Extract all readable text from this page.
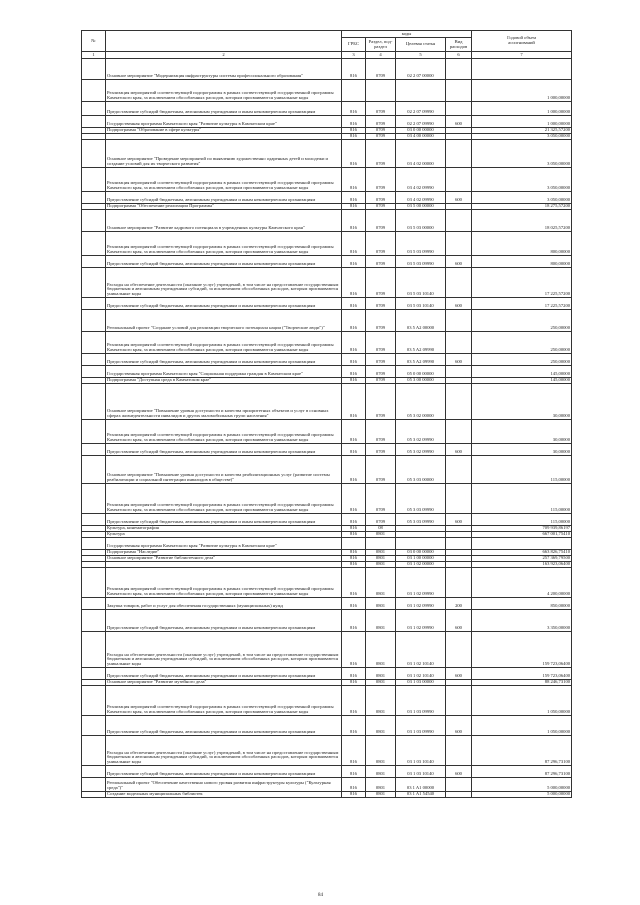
№		коды				Годовой объем
ассигнований
		ГРБС	Раздел, под-
раздел	Целевая статья	Вид
расходов	
1	2	3	4	5	6	7
	Основное мероприятие "Модернизация инфраструктуры системы профессионального образования"	816	0709	02 2 07 00000		
	Реализация мероприятий соответствующей подпрограммы в рамках соответствующей государственной программы Камчатского края, за исключением обособленных расходов, которым присваиваются уникальные коды					1 000,00000
	Предоставление субсидий бюджетным, автономным учреждениям и иным некоммерческим организациям	816	0709	02 2 07 09990		1 000,00000
	Государственная программа Камчатского края "Развитие культуры в Камчатском крае"	816	0709	02 2 07 09990	600	1 000,00000
	Подпрограмма "Образование в сфере культуры"	816	0709	03 0 00 00000		21 325,57200
		816	0709	03 4 00 00000		3 050,00000
	Основное мероприятие "Проведение мероприятий по выявлению художественно одаренных детей и молодежи и создание условий для их творческого развития"	816	0709	03 4 02 00000		3 050,00000
	Реализация мероприятий соответствующей подпрограммы в рамках соответствующей государственной программы Камчатского края, за исключением обособленных расходов, которым присваиваются уникальные коды	816	0709	03 4 02 09990		3 050,00000
	Предоставление субсидий бюджетным, автономным учреждениям и иным некоммерческим организациям	816	0709	03 4 02 09990	600	3 050,00000
	Подпрограмма "Обеспечение реализации Программы"	816	0709	03 5 00 00000		18 275,57200
	Основное мероприятие "Развитие кадрового потенциала в учреждениях культуры Камчатского края"	816	0709	03 5 03 00000		18 025,57200
	Реализация мероприятий соответствующей подпрограммы в рамках соответствующей государственной программы Камчатского края, за исключением обособленных расходов, которым присваиваются уникальные коды	816	0709	03 5 03 09990		800,00000
	Предоставление субсидий бюджетным, автономным учреждениям и иным некоммерческим организациям	816	0709	03 5 03 09990	600	800,00000
	Расходы на обеспечение деятельности (оказание услуг) учреждений, в том числе на предоставление государственным бюджетным и автономным учреждениям субсидий, за исключением обособленных расходов, которым присваиваются уникальные коды	816	0709	03 5 03 10140		17 225,57200
	Предоставление субсидий бюджетным, автономным учреждениям и иным некоммерческим организациям	816	0709	03 5 03 10140	600	17 225,57200
	Региональный проект "Создание условий для реализации творческого потенциала нации ("Творческие люди")"	816	0709	03 5 A2 00000		250,00000
	Реализация мероприятий соответствующей подпрограммы в рамках соответствующей государственной программы Камчатского края, за исключением обособленных расходов, которым присваиваются уникальные коды	816	0709	03 5 A2 09990		250,00000
	Предоставление субсидий бюджетным, автономным учреждениям и иным некоммерческим организациям	816	0709	03 5 A2 09990	600	250,00000
	Государственная программа Камчатского края "Социальная поддержка граждан в Камчатском крае"	816	0709	05 0 00 00000		145,00000
	Подпрограмма "Доступная среда в Камчатском крае"	816	0709	05 3 00 00000		145,00000
	Основное мероприятие "Повышение уровня доступности и качества приоритетных объектов и услуг в основных сферах жизнедеятельности инвалидов и других маломобильных групп населения"	816	0709	05 3 02 00000		30,00000
	Реализация мероприятий соответствующей подпрограммы в рамках соответствующей государственной программы Камчатского края, за исключением обособленных расходов, которым присваиваются уникальные коды	816	0709	05 3 02 09990		30,00000
	Предоставление субсидий бюджетным, автономным учреждениям и иным некоммерческим организациям	816	0709	05 3 02 09990	600	30,00000
	Основное мероприятие "Повышение уровня доступности и качества реабилитационных услуг (развитие системы реабилитации и социальной интеграции инвалидов в обществе)"	816	0709	05 3 03 00000		115,00000
	Реализация мероприятий соответствующей подпрограммы в рамках соответствующей государственной программы Камчатского края, за исключением обособленных расходов, которым присваиваются уникальные коды	816	0709	05 3 03 09990		115,00000
	Предоставление субсидий бюджетным, автономным учреждениям и иным некоммерческим организациям	816	0709	05 3 03 09990	600	115,00000
	Культура, кинематография	816	08			709 939,86197
	Культура	816	0801			667 001,75410
	Государственная программа Камчатского края "Развитие культуры в Камчатском крае"					
	Подпрограмма "Наследие"	816	0801	03 0 00 00000		663 826,75410
	Основное мероприятие "Развитие библиотечного дела"	816	0801	03 1 00 00000		257 369,79500
		816	0801	03 1 02 00000		163 923,06400
	Реализация мероприятий соответствующей подпрограммы в рамках соответствующей государственной программы Камчатского края, за исключением обособленных расходов, которым присваиваются уникальные коды	816	0801	03 1 02 09990		4 200,00000
	Закупка товаров, работ и услуг для обеспечения государственных (муниципальных) нужд	816	0801	03 1 02 09990	200	850,00000
	Предоставление субсидий бюджетным, автономным учреждениям и иным некоммерческим организациям	816	0801	03 1 02 09990	600	3 350,00000
	Расходы на обеспечение деятельности (оказание услуг) учреждений, в том числе на предоставление государственным бюджетным и автономным учреждениям субсидий, за исключением обособленных расходов, которым присваиваются уникальные коды	816	0801	03 1 02 10140		159 723,06400
	Предоставление субсидий бюджетным, автономным учреждениям и иным некоммерческим организациям	816	0801	03 1 02 10140	600	159 723,06400
	Основное мероприятие "Развитие музейного дела"	816	0801	03 1 03 00000		88 246,73100
	Реализация мероприятий соответствующей подпрограммы в рамках соответствующей государственной программы Камчатского края, за исключением обособленных расходов, которым присваиваются уникальные коды	816	0801	03 1 03 09990		1 050,00000
	Предоставление субсидий бюджетным, автономным учреждениям и иным некоммерческим организациям	816	0801	03 1 03 09990	600	1 050,00000
	Расходы на обеспечение деятельности (оказание услуг) учреждений, в том числе на предоставление государственным бюджетным и автономным учреждениям субсидий, за исключением обособленных расходов, которым присваиваются уникальные коды	816	0801	03 1 03 10140		87 296,73100
	Предоставление субсидий бюджетным, автономным учреждениям и иным некоммерческим организациям	816	0801	03 1 03 10140	600	87 296,73100
	Региональный проект "Обеспечение качественно нового уровня развития инфраструктуры культуры ("Культурная среда")"	816	0801	03 1 A1 00000		5 000,00000
	Создание модельных муниципальных библиотек	816	0801	03 1 A1 54540		5 000,00000
84
